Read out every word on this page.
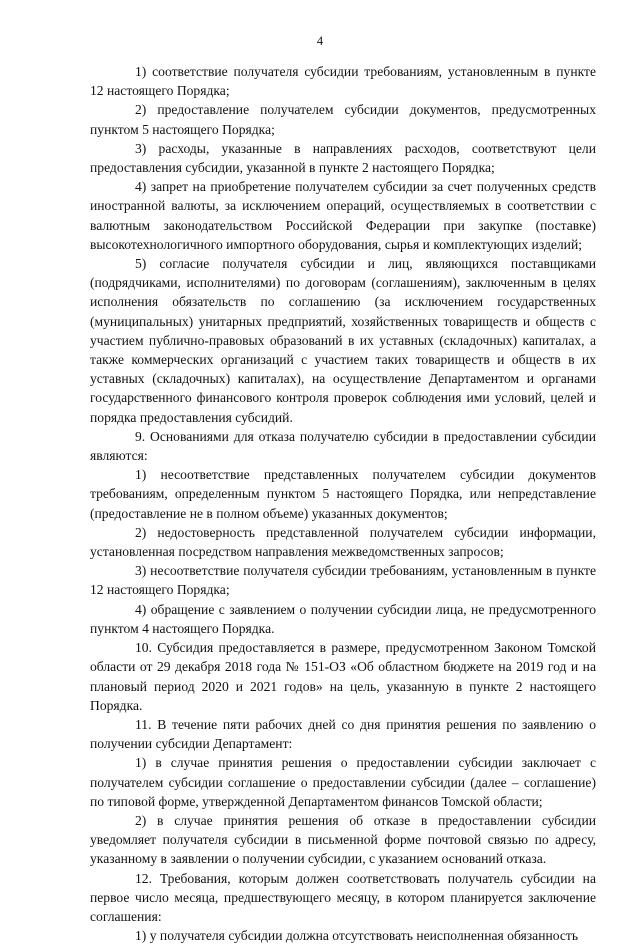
4

1) соответствие получателя субсидии требованиям, установленным в пункте 12 настоящего Порядка;

2) предоставление получателем субсидии документов, предусмотренных пунктом 5 настоящего Порядка;

3) расходы, указанные в направлениях расходов, соответствуют цели предоставления субсидии, указанной в пункте 2 настоящего Порядка;

4) запрет на приобретение получателем субсидии за счет полученных средств иностранной валюты, за исключением операций, осуществляемых в соответствии с валютным законодательством Российской Федерации при закупке (поставке) высокотехнологичного импортного оборудования, сырья и комплектующих изделий;

5) согласие получателя субсидии и лиц, являющихся поставщиками (подрядчиками, исполнителями) по договорам (соглашениям), заключенным в целях исполнения обязательств по соглашению (за исключением государственных (муниципальных) унитарных предприятий, хозяйственных товариществ и обществ с участием публично-правовых образований в их уставных (складочных) капиталах, а также коммерческих организаций с участием таких товариществ и обществ в их уставных (складочных) капиталах), на осуществление Департаментом и органами государственного финансового контроля проверок соблюдения ими условий, целей и порядка предоставления субсидий.

9. Основаниями для отказа получателю субсидии в предоставлении субсидии являются:

1) несоответствие представленных получателем субсидии документов требованиям, определенным пунктом 5 настоящего Порядка, или непредставление (предоставление не в полном объеме) указанных документов;

2) недостоверность представленной получателем субсидии информации, установленная посредством направления межведомственных запросов;

3) несоответствие получателя субсидии требованиям, установленным в пункте 12 настоящего Порядка;

4) обращение с заявлением о получении субсидии лица, не предусмотренного пунктом 4 настоящего Порядка.

10. Субсидия предоставляется в размере, предусмотренном Законом Томской области от 29 декабря 2018 года № 151-ОЗ «Об областном бюджете на 2019 год и на плановый период 2020 и 2021 годов» на цель, указанную в пункте 2 настоящего Порядка.

11. В течение пяти рабочих дней со дня принятия решения по заявлению о получении субсидии Департамент:

1) в случае принятия решения о предоставлении субсидии заключает с получателем субсидии соглашение о предоставлении субсидии (далее – соглашение) по типовой форме, утвержденной Департаментом финансов Томской области;

2) в случае принятия решения об отказе в предоставлении субсидии уведомляет получателя субсидии в письменной форме почтовой связью по адресу, указанному в заявлении о получении субсидии, с указанием оснований отказа.

12. Требования, которым должен соответствовать получатель субсидии на первое число месяца, предшествующего месяцу, в котором планируется заключение соглашения:

1) у получателя субсидии должна отсутствовать неисполненная обязанность
